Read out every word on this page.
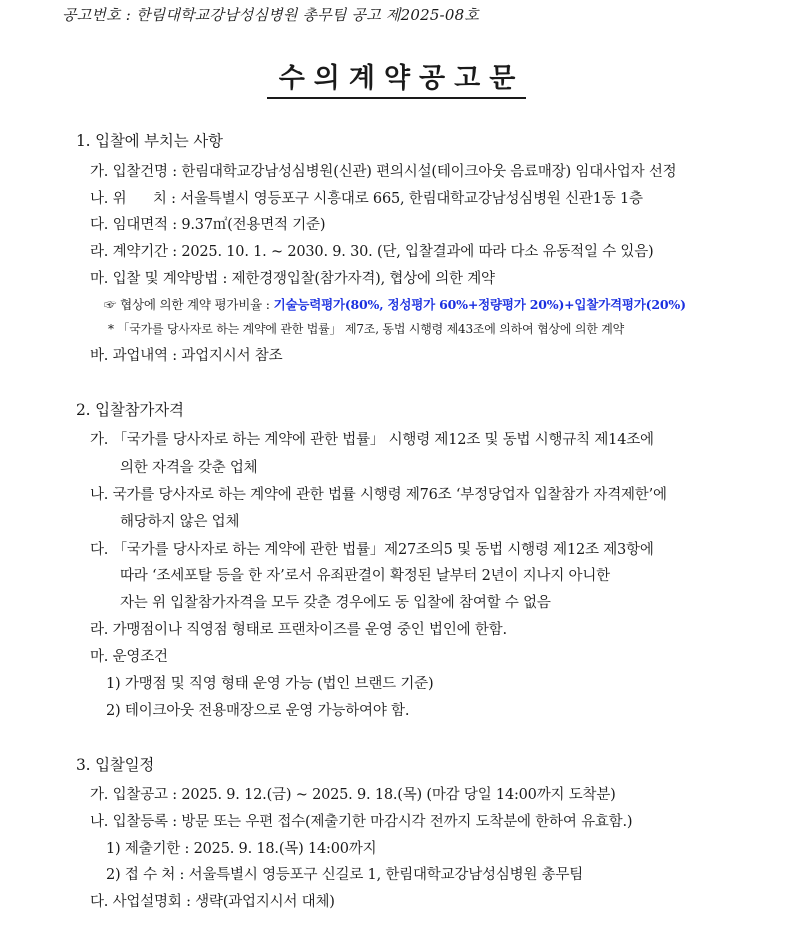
공고번호 : 한림대학교강남성심병원 총무팀 공고 제2025-08호
수의계약공고문
1. 입찰에 부치는 사항
가. 입찰건명 : 한림대학교강남성심병원(신관) 편의시설(테이크아웃 음료매장) 임대사업자 선정
나. 위      치 : 서울특별시 영등포구 시흥대로 665, 한림대학교강남성심병원 신관1동 1층
다. 임대면적 : 9.37㎡(전용면적 기준)
라. 계약기간 : 2025. 10. 1. ~ 2030. 9. 30. (단, 입찰결과에 따라 다소 유동적일 수 있음)
마. 입찰 및 계약방법 : 제한경쟁입찰(참가자격), 협상에 의한 계약
☞ 협상에 의한 계약 평가비율 : 기술능력평가(80%, 정성평가 60%+정량평가 20%)+입찰가격평가(20%)
* 「국가를 당사자로 하는 계약에 관한 법률」 제7조, 동법 시행령 제43조에 의하여 협상에 의한 계약
바. 과업내역 : 과업지시서 참조
2. 입찰참가자격
가. 「국가를 당사자로 하는 계약에 관한 법률」 시행령 제12조 및 동법 시행규칙 제14조에
의한 자격을 갖춘 업체
나. 국가를 당사자로 하는 계약에 관한 법률 시행령 제76조 ‘부정당업자 입찰참가 자격제한’에
해당하지 않은 업체
다. 「국가를 당사자로 하는 계약에 관한 법률」제27조의5 및 동법 시행령 제12조 제3항에
따라 ‘조세포탈 등을 한 자’로서 유죄판결이 확정된 날부터 2년이 지나지 아니한
자는 위 입찰참가자격을 모두 갖춘 경우에도 동 입찰에 참여할 수 없음
라. 가맹점이나 직영점 형태로 프랜차이즈를 운영 중인 법인에 한함.
마. 운영조건
1) 가맹점 및 직영 형태 운영 가능 (법인 브랜드 기준)
2) 테이크아웃 전용매장으로 운영 가능하여야 함.
3. 입찰일정
가. 입찰공고 : 2025. 9. 12.(금) ~ 2025. 9. 18.(목) (마감 당일 14:00까지 도착분)
나. 입찰등록 : 방문 또는 우편 접수(제출기한 마감시각 전까지 도착분에 한하여 유효함.)
1) 제출기한 : 2025. 9. 18.(목) 14:00까지
2) 접 수 처 : 서울특별시 영등포구 신길로 1, 한림대학교강남성심병원 총무팀
다. 사업설명회 : 생략(과업지시서 대체)
